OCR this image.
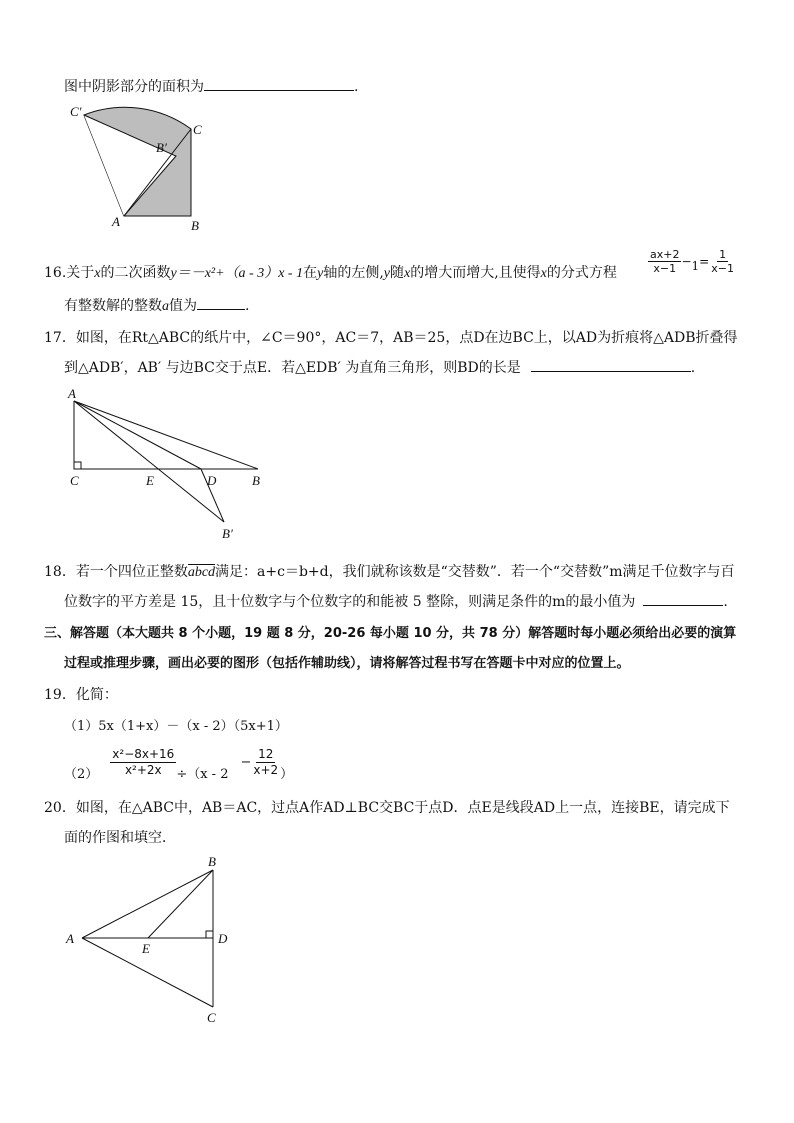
图中阴影部分的面积为	.
C′
C
B′
A	B
16.关于x的二次函数y＝－x²+（a - 3）x - 1在y轴的左侧,y随x的增大而增大,且使得x的分式方程	$\frac{ax+2}{x-1} -1= \frac{1}{x-1}$
有整数解的整数a值为	.
17．如图，在Rt△ABC的纸片中，∠C＝90°，AC＝7，AB＝25，点D在边BC上，以AD为折痕将△ADB折叠得
到△ADB′，AB′ 与边BC交于点E．若△EDB′ 为直角三角形，则BD的长是	.
A
C	E	D	B
B′
18．若一个四位正整数abcd满足：a+c＝b+d，我们就称该数是“交替数”．若一个“交替数”m满足千位数字与百
位数字的平方差是 15，且十位数字与个位数字的和能被 5 整除，则满足条件的m的最小值为	.
三、解答题（本大题共 8 个小题，19 题 8 分，20-26 每小题 10 分，共 78 分）解答题时每小题必须给出必要的演算
过程或推理步骤，画出必要的图形（包括作辅助线），请将解答过程书写在答题卡中对应的位置上。
19．化简：
（1）5x（1+x）－（x - 2）（5x+1）
$(2) \frac{\text{x²−8x+16}}{\text{x²+2x}} \div(x - 2- \frac{12}{x+2}$ ）
20．如图，在△ABC中，AB＝AC，过点A作AD⊥BC交BC于点D．点E是线段AD上一点，连接BE，请完成下
面的作图和填空．
B
A
E
D
C
